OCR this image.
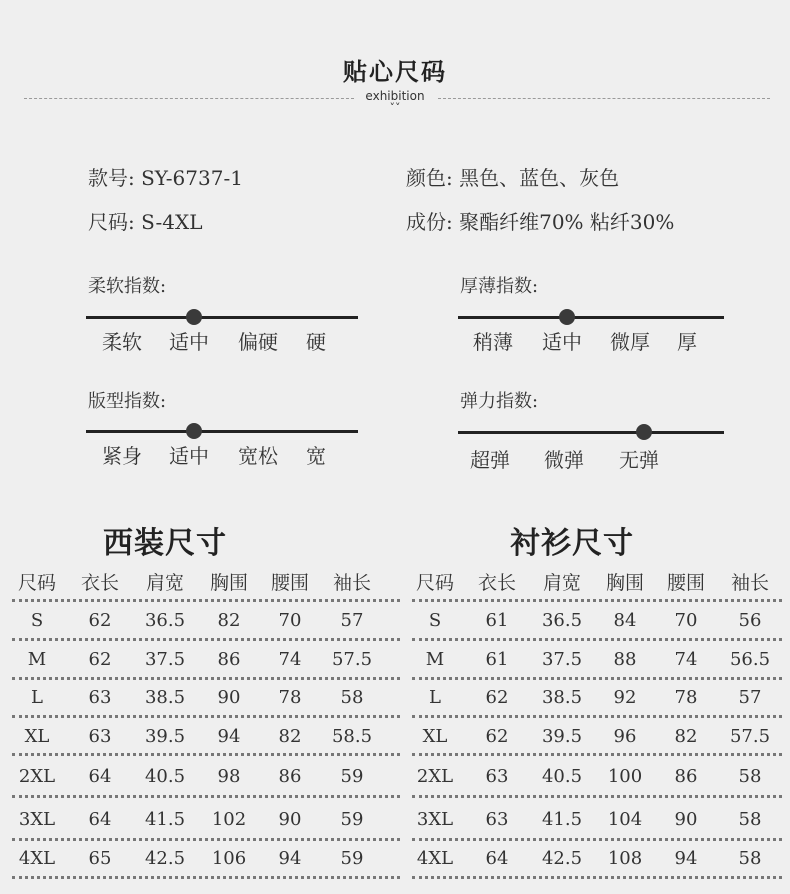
贴心尺码
exhibition
˅˅
款号: SY-6737-1
尺码: S-4XL
颜色: 黑色、蓝色、灰色
成份: 聚酯纤维70% 粘纤30%
柔软指数:
柔软 适中 偏硬 硬
厚薄指数:
稍薄 适中 微厚 厚
版型指数:
紧身 适中 宽松 宽
弹力指数:
超弹 微弹 无弹
西装尺寸
尺码 衣长 肩宽 胸围 腰围 袖长
S	62 36.5 82 70 57
M 62 37.5 86 74 57.5
L	63 38.5 90 78 58
XL 63 39.5 94 82 58.5
2XL 64 40.5 98 86 59
3XL 64 41.5 102 90 59
4XL 65 42.5 106 94 59
衬衫尺寸
尺码 衣长 肩宽 胸围 腰围 袖长
S 61 36.5 84 70 56
M 61 37.5 88 74 56.5
L 62 38.5 92 78 57
XL 62 39.5 96 82 57.5
2XL 63 40.5 100 86 58
3XL 63 41.5 104 90 58
4XL 64 42.5 108 94 58
